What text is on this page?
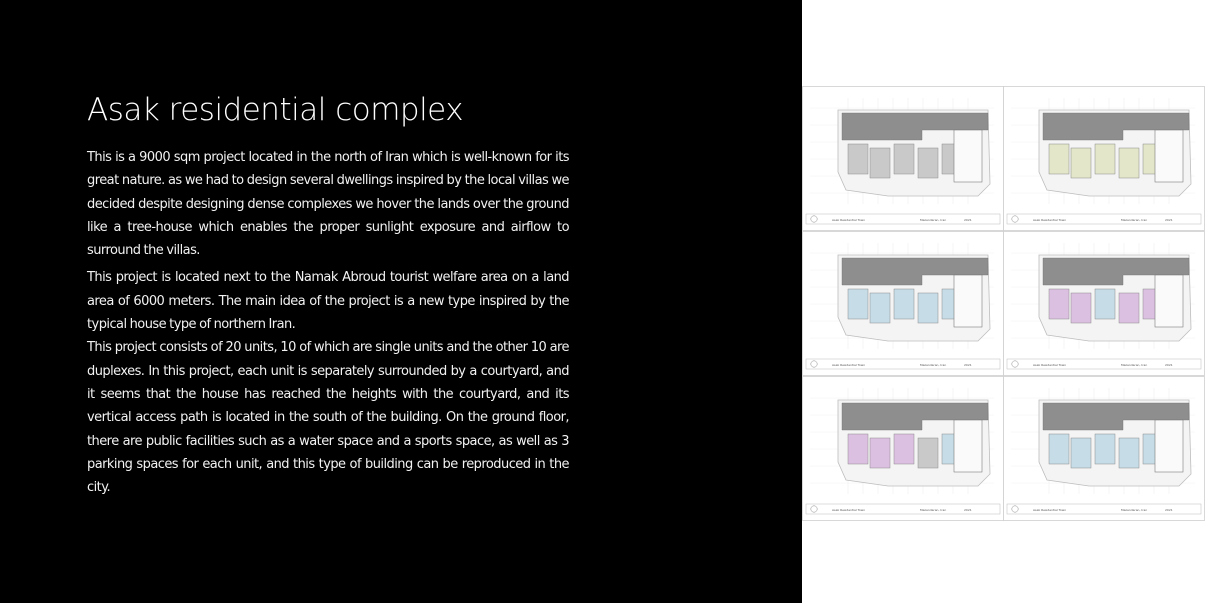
Asak residential complex

This is a 9000 sqm project located in the north of Iran which is well-known for its great nature. as we had to design several dwellings inspired by the local villas we decided despite designing dense complexes we hover the lands over the ground like a tree-house which enables the proper sunlight exposure and airflow to surround the villas.

This project is located next to the Namak Abroud tourist welfare area on a land area of 6000 meters. The main idea of the project is a new type inspired by the typical house type of northern Iran.

This project consists of 20 units, 10 of which are single units and the other 10 are duplexes. In this project, each unit is separately surrounded by a courtyard, and it seems that the house has reached the heights with the courtyard, and its vertical access path is located in the south of the building. On the ground floor, there are public facilities such as a water space and a sports space, as well as 3 parking spaces for each unit, and this type of building can be reproduced in the city.

Asak Residential Town	Mazandaran, Iran	2021	Asak Residential Town	Mazandaran, Iran	2021
Asak Residential Town	Mazandaran, Iran	2021	Asak Residential Town	Mazandaran, Iran	2021
Asak Residential Town	Mazandaran, Iran	2021	Asak Residential Town	Mazandaran, Iran	2021
